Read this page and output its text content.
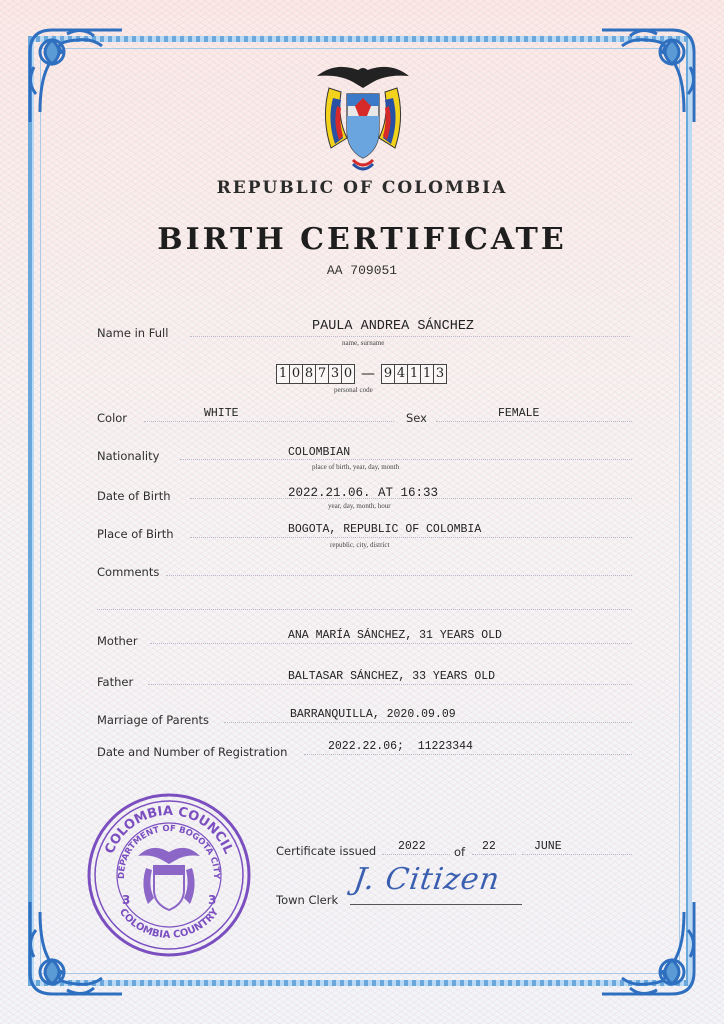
REPUBLIC OF COLOMBIA
BIRTH CERTIFICATE
AA 709051
Name in Full	PAULA ANDREA SÁNCHEZ
name, surname
1 0 8 7 3 0 — 9 4 1 1 3
personal code
Color	WHITE	Sex	FEMALE
Nationality	COLOMBIAN
place of birth, year, day, month
Date of Birth	2022.21.06. AT 16:33
year, day, month, hour
Place of Birth	BOGOTA, REPUBLIC OF COLOMBIA
republic, city, district
Comments
Mother	ANA MARÍA SÁNCHEZ, 31 YEARS OLD
Father	BALTASAR SÁNCHEZ, 33 YEARS OLD
Marriage of Parents	BARRANQUILLA, 2020.09.09
Date and Number of Registration	2022.22.06;  11223344
COLOMBIA COUNCIL
DEPARTMENT OF BOGOTA CITY
COLOMBIA COUNTRY
3	3
Certificate issued 2022 of 22	JUNE
Town Clerk
J. Citizen
